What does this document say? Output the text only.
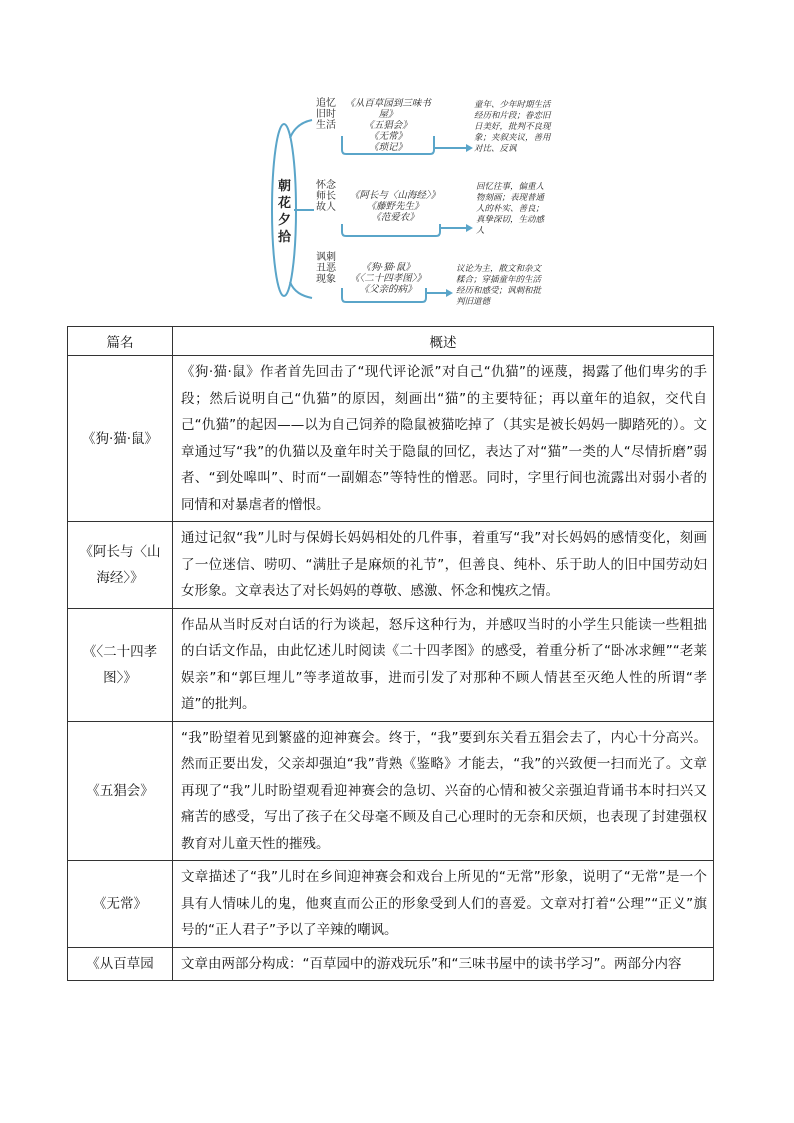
朝花夕拾
追忆旧时生活
《从百草园到三味书屋》
《五猖会》
《无常》
《琐记》
童年、少年时期生活经历和片段；眷恋旧日美好，批判不良现象；夹叙夹议，善用对比、反讽
怀念师长故人
《阿长与〈山海经〉》
《藤野先生》
《范爱农》
回忆往事，偏重人物刻画；表现普通人的朴实、善良；真挚深切，生动感人
讽刺丑恶现象
《狗·猫·鼠》
《〈二十四孝图〉》
《父亲的病》
议论为主，散文和杂文糅合；穿插童年的生活经历和感受；讽刺和批判旧道德
篇名	概述
《狗·猫·鼠》	《狗·猫·鼠》作者首先回击了“现代评论派”对自己“仇猫”的诬蔑，揭露了他们卑劣的手段；然后说明自己“仇猫”的原因，刻画出“猫”的主要特征；再以童年的追叙，交代自己“仇猫”的起因——以为自己饲养的隐鼠被猫吃掉了（其实是被长妈妈一脚踏死的）。文章通过写“我”的仇猫以及童年时关于隐鼠的回忆，表达了对“猫”一类的人“尽情折磨”弱者、“到处嗥叫”、时而“一副媚态”等特性的憎恶。同时，字里行间也流露出对弱小者的同情和对暴虐者的憎恨。
《阿长与〈山海经〉》	通过记叙“我”儿时与保姆长妈妈相处的几件事，着重写“我”对长妈妈的感情变化，刻画了一位迷信、唠叨、“满肚子是麻烦的礼节”，但善良、纯朴、乐于助人的旧中国劳动妇女形象。文章表达了对长妈妈的尊敬、感激、怀念和愧疚之情。
《〈二十四孝图〉》	作品从当时反对白话的行为谈起，怒斥这种行为，并感叹当时的小学生只能读一些粗拙的白话文作品，由此忆述儿时阅读《二十四孝图》的感受，着重分析了“卧冰求鲤”“老莱娱亲”和“郭巨埋儿”等孝道故事，进而引发了对那种不顾人情甚至灭绝人性的所谓“孝道”的批判。
《五猖会》	“我”盼望着见到繁盛的迎神赛会。终于，“我”要到东关看五猖会去了，内心十分高兴。然而正要出发，父亲却强迫“我”背熟《鉴略》才能去，“我”的兴致便一扫而光了。文章再现了“我”儿时盼望观看迎神赛会的急切、兴奋的心情和被父亲强迫背诵书本时扫兴又痛苦的感受，写出了孩子在父母毫不顾及自己心理时的无奈和厌烦，也表现了封建强权教育对儿童天性的摧残。
《无常》	文章描述了“我”儿时在乡间迎神赛会和戏台上所见的“无常”形象，说明了“无常”是一个具有人情味儿的鬼，他爽直而公正的形象受到人们的喜爱。文章对打着“公理”“正义”旗号的“正人君子”予以了辛辣的嘲讽。
《从百草园	文章由两部分构成：“百草园中的游戏玩乐”和“三味书屋中的读书学习”。两部分内容
